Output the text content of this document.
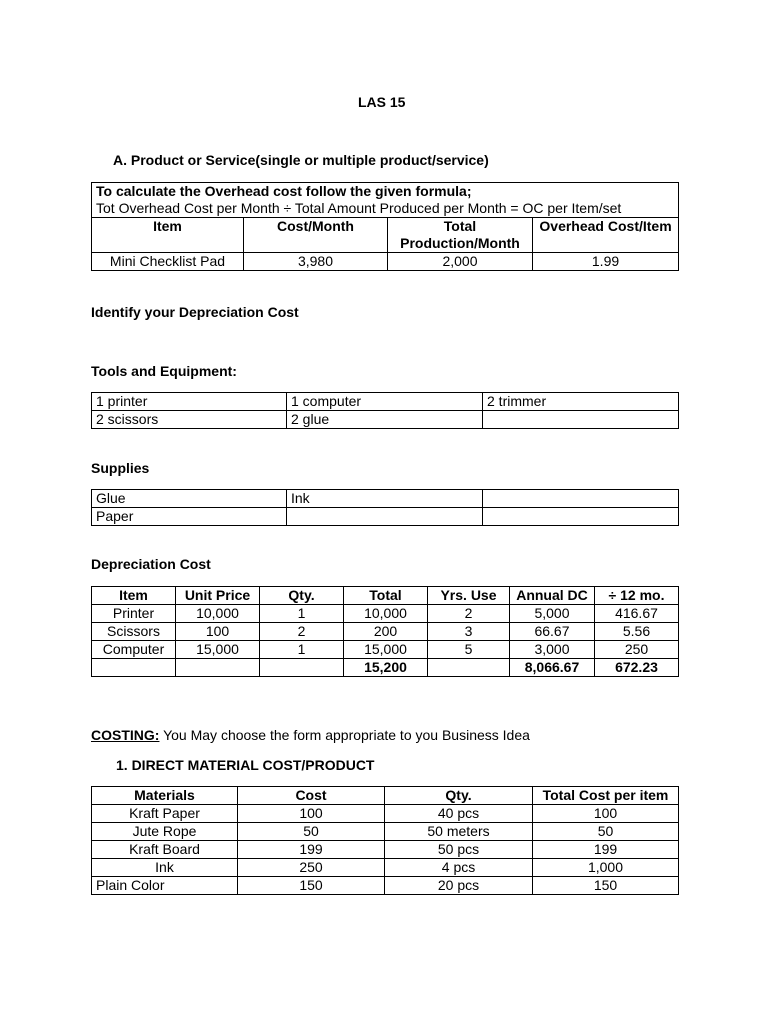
LAS 15
A. Product or Service(single or multiple product/service)
To calculate the Overhead cost follow the given formula;			
Tot Overhead Cost per Month ÷ Total Amount Produced per Month = OC per Item/set			
Item	Cost/Month	Total Production/Month	Overhead Cost/Item
Mini Checklist Pad	3,980	2,000	1.99
Identify your Depreciation Cost
Tools and Equipment:
1 printer	1 computer	2 trimmer
2 scissors	2 glue	
Supplies
Glue	Ink	
Paper		
Depreciation Cost
Item	Unit Price	Qty.	Total	Yrs. Use	Annual DC	÷ 12 mo.
Printer	10,000	1	10,000	2	5,000	416.67
Scissors	100	2	200	3	66.67	5.56
Computer	15,000	1	15,000	5	3,000	250
			15,200		8,066.67	672.23
COSTING: You May choose the form appropriate to you Business Idea
1. DIRECT MATERIAL COST/PRODUCT
Materials	Cost	Qty.	Total Cost per item
Kraft Paper	100	40 pcs	100
Jute Rope	50	50 meters	50
Kraft Board	199	50 pcs	199
Ink	250	4 pcs	1,000
Plain Color	150	20 pcs	150
